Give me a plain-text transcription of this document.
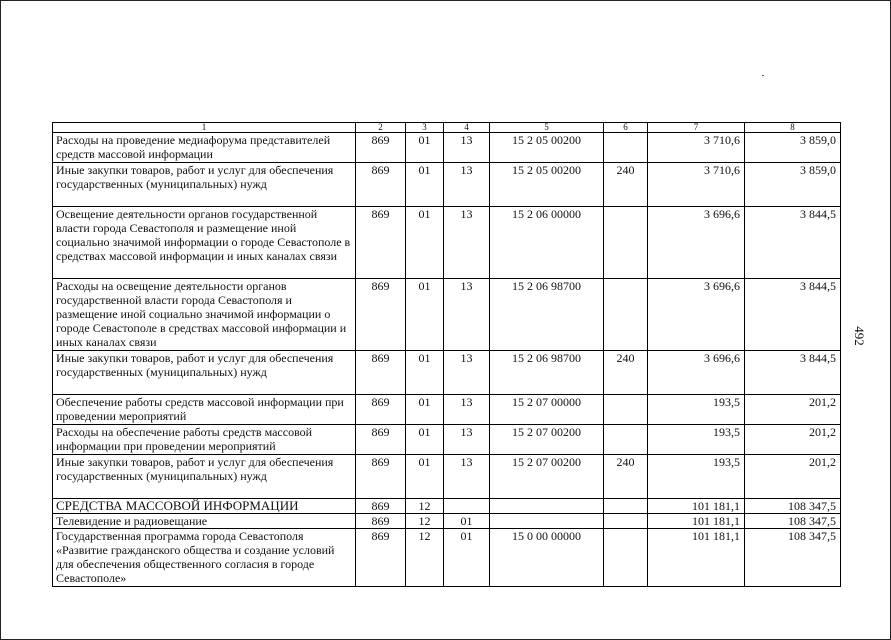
1	2	3	4	5	6	7	8
Расходы на проведение медиафорума представителей средств массовой информации	869	01	13	15 2 05 00200		3 710,6	3 859,0
Иные закупки товаров, работ и услуг для обеспечения государственных (муниципальных) нужд	869	01	13	15 2 05 00200	240	3 710,6	3 859,0
Освещение деятельности органов государственной власти города Севастополя и размещение иной социально значимой информации о городе Севастополе в средствах массовой информации и иных каналах связи	869	01	13	15 2 06 00000		3 696,6	3 844,5
Расходы на освещение деятельности органов государственной власти города Севастополя и размещение иной социально значимой информации о городе Севастополе в средствах массовой информации и иных каналах связи	869	01	13	15 2 06 98700		3 696,6	3 844,5
Иные закупки товаров, работ и услуг для обеспечения государственных (муниципальных) нужд	869	01	13	15 2 06 98700	240	3 696,6	3 844,5
Обеспечение работы средств массовой информации при проведении мероприятий	869	01	13	15 2 07 00000		193,5	201,2
Расходы на обеспечение работы средств массовой информации при проведении мероприятий	869	01	13	15 2 07 00200		193,5	201,2
Иные закупки товаров, работ и услуг для обеспечения государственных (муниципальных) нужд	869	01	13	15 2 07 00200	240	193,5	201,2
СРЕДСТВА МАССОВОЙ ИНФОРМАЦИИ	869	12				101 181,1	108 347,5
Телевидение и радиовещание	869	12	01			101 181,1	108 347,5
Государственная программа города Севастополя «Развитие гражданского общества и создание условий для обеспечения общественного согласия в городе Севастополе»	869	12	01	15 0 00 00000		101 181,1	108 347,5
492
